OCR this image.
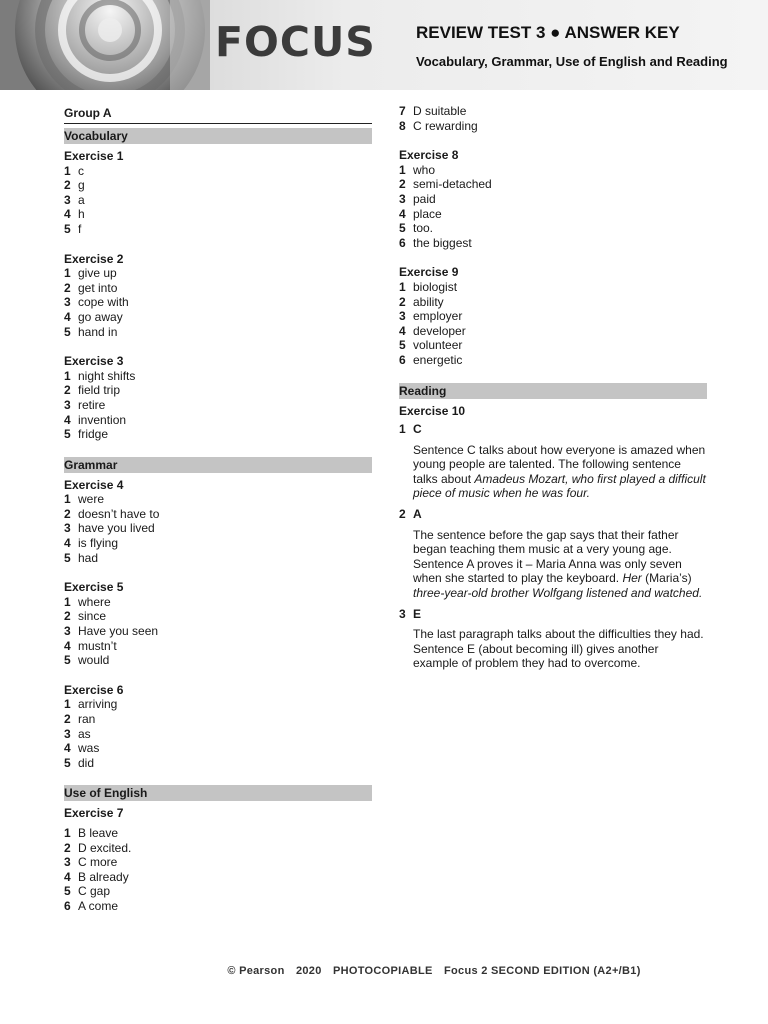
FOCUS REVIEW TEST 3 ● ANSWER KEY
Vocabulary, Grammar, Use of English and Reading
Group A
Vocabulary
Exercise 1
1 c
2 g
3 a
4 h
5 f
Exercise 2
1 give up
2 get into
3 cope with
4 go away
5 hand in
Exercise 3
1 night shifts
2 field trip
3 retire
4 invention
5 fridge
Grammar
Exercise 4
1 were
2 doesn’t have to
3 have you lived
4 is flying
5 had
Exercise 5
1 where
2 since
3 Have you seen
4 mustn’t
5 would
Exercise 6
1 arriving
2 ran
3 as
4 was
5 did
Use of English
Exercise 7
1 B leave
2 D excited.
3 C more
4 B already
5 C gap
6 A come
7 D suitable
8 C rewarding
Exercise 8
1 who
2 semi-detached
3 paid
4 place
5 too.
6 the biggest
Exercise 9
1 biologist
2 ability
3 employer
4 developer
5 volunteer
6 energetic
Reading
Exercise 10
1 C
Sentence C talks about how everyone is amazed when young people are talented. The following sentence talks about Amadeus Mozart, who first played a difficult piece of music when he was four.
2 A
The sentence before the gap says that their father began teaching them music at a very young age. Sentence A proves it – Maria Anna was only seven when she started to play the keyboard. Her (Maria’s) three-year-old brother Wolfgang listened and watched.
3 E
The last paragraph talks about the difficulties they had. Sentence E (about becoming ill) gives another example of problem they had to overcome.
© Pearson 2020 PHOTOCOPIABLE Focus 2 SECOND EDITION (A2+/B1)
